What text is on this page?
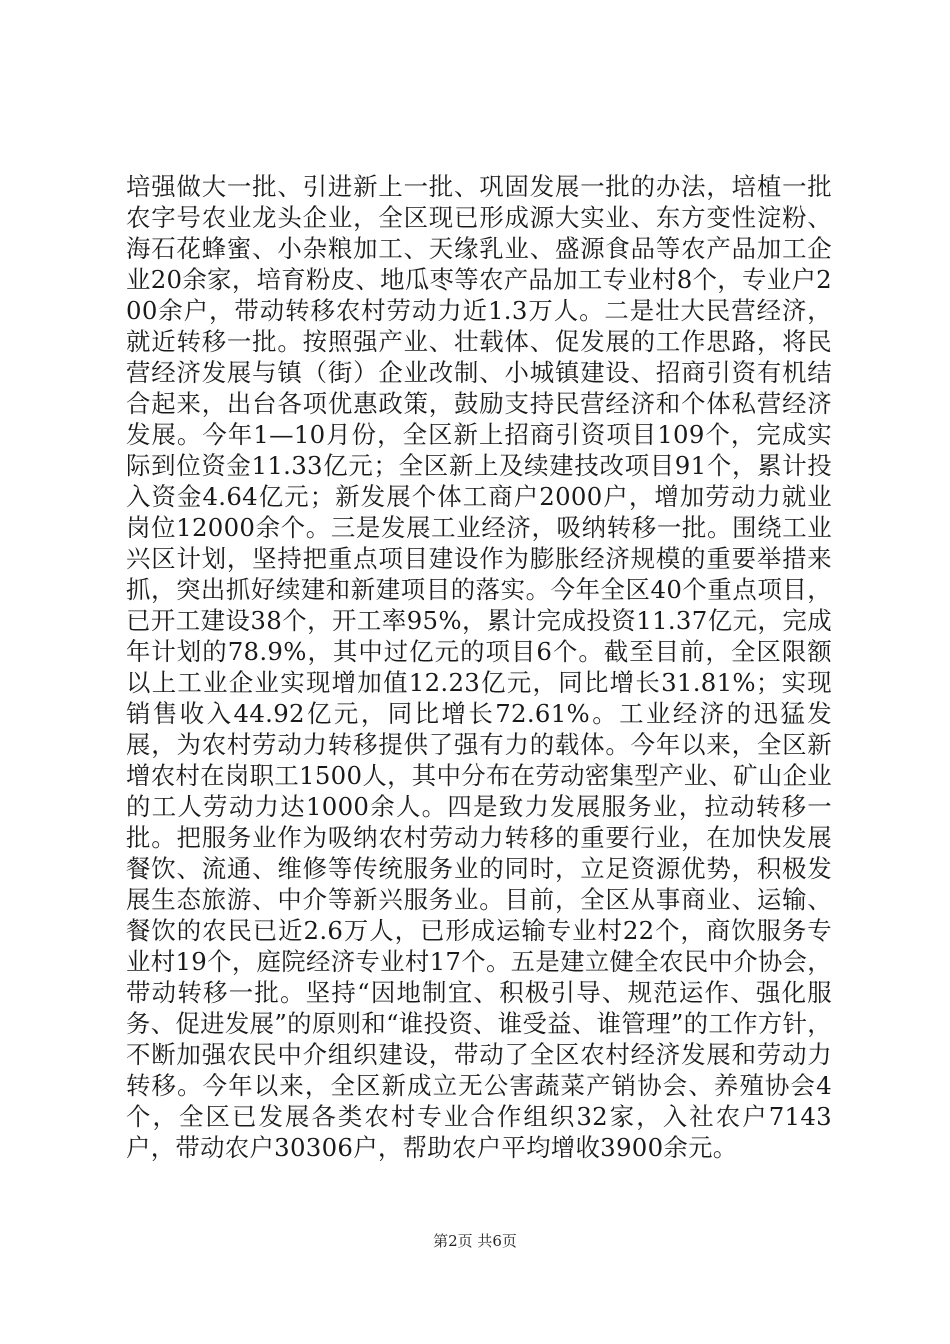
培强做大一批、引进新上一批、巩固发展一批的办法，培植一批农字号农业龙头企业，全区现已形成源大实业、东方变性淀粉、海石花蜂蜜、小杂粮加工、天缘乳业、盛源食品等农产品加工企业20余家，培育粉皮、地瓜枣等农产品加工专业村8个，专业户200余户，带动转移农村劳动力近1.3万人。二是壮大民营经济，就近转移一批。按照强产业、壮载体、促发展的工作思路，将民营经济发展与镇（街）企业改制、小城镇建设、招商引资有机结合起来，出台各项优惠政策，鼓励支持民营经济和个体私营经济发展。今年1—10月份，全区新上招商引资项目109个，完成实际到位资金11.33亿元；全区新上及续建技改项目91个，累计投入资金4.64亿元；新发展个体工商户2000户，增加劳动力就业岗位12000余个。三是发展工业经济，吸纳转移一批。围绕工业兴区计划，坚持把重点项目建设作为膨胀经济规模的重要举措来抓，突出抓好续建和新建项目的落实。今年全区40个重点项目，已开工建设38个，开工率95%，累计完成投资11.37亿元，完成年计划的78.9%，其中过亿元的项目6个。截至目前，全区限额以上工业企业实现增加值12.23亿元，同比增长31.81%；实现销售收入44.92亿元，同比增长72.61%。工业经济的迅猛发展，为农村劳动力转移提供了强有力的载体。今年以来，全区新增农村在岗职工1500人，其中分布在劳动密集型产业、矿山企业的工人劳动力达1000余人。四是致力发展服务业，拉动转移一批。把服务业作为吸纳农村劳动力转移的重要行业，在加快发展餐饮、流通、维修等传统服务业的同时，立足资源优势，积极发展生态旅游、中介等新兴服务业。目前，全区从事商业、运输、餐饮的农民已近2.6万人，已形成运输专业村22个，商饮服务专业村19个，庭院经济专业村17个。五是建立健全农民中介协会，带动转移一批。坚持“因地制宜、积极引导、规范运作、强化服务、促进发展”的原则和“谁投资、谁受益、谁管理”的工作方针，不断加强农民中介组织建设，带动了全区农村经济发展和劳动力转移。今年以来，全区新成立无公害蔬菜产销协会、养殖协会4个，全区已发展各类农村专业合作组织32家，入社农户7143户，带动农户30306户，帮助农户平均增收3900余元。

第2页 共6页
